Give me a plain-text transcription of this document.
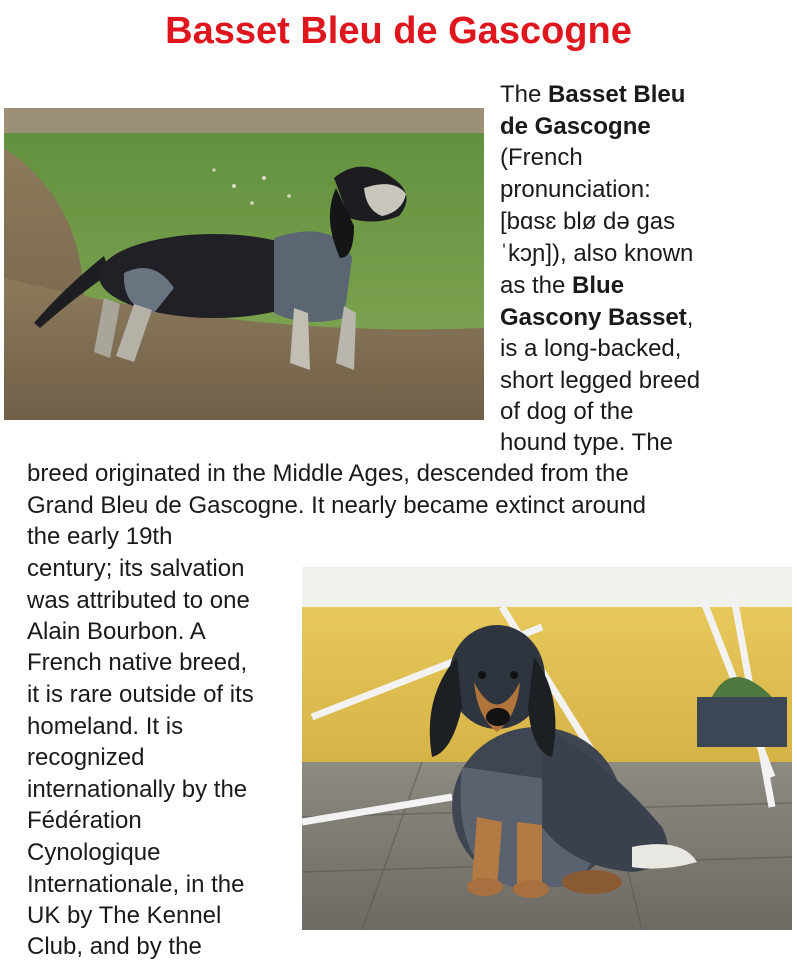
Basset Bleu de Gascogne

The Basset Bleu

de Gascogne

(French

pronunciation:

[bɑsɛ blø də ɡas

ˈkɔɲ]), also known

as the Blue

Gascony Basset,

is a long-backed,

short legged breed

of dog of the

hound type. The

breed originated in the Middle Ages, descended from the

Grand Bleu de Gascogne. It nearly became extinct around

the early 19th

century; its salvation

was attributed to one

Alain Bourbon. A

French native breed,

it is rare outside of its

homeland. It is

recognized

internationally by the

Fédération

Cynologique

Internationale, in the

UK by The Kennel

Club, and by the
